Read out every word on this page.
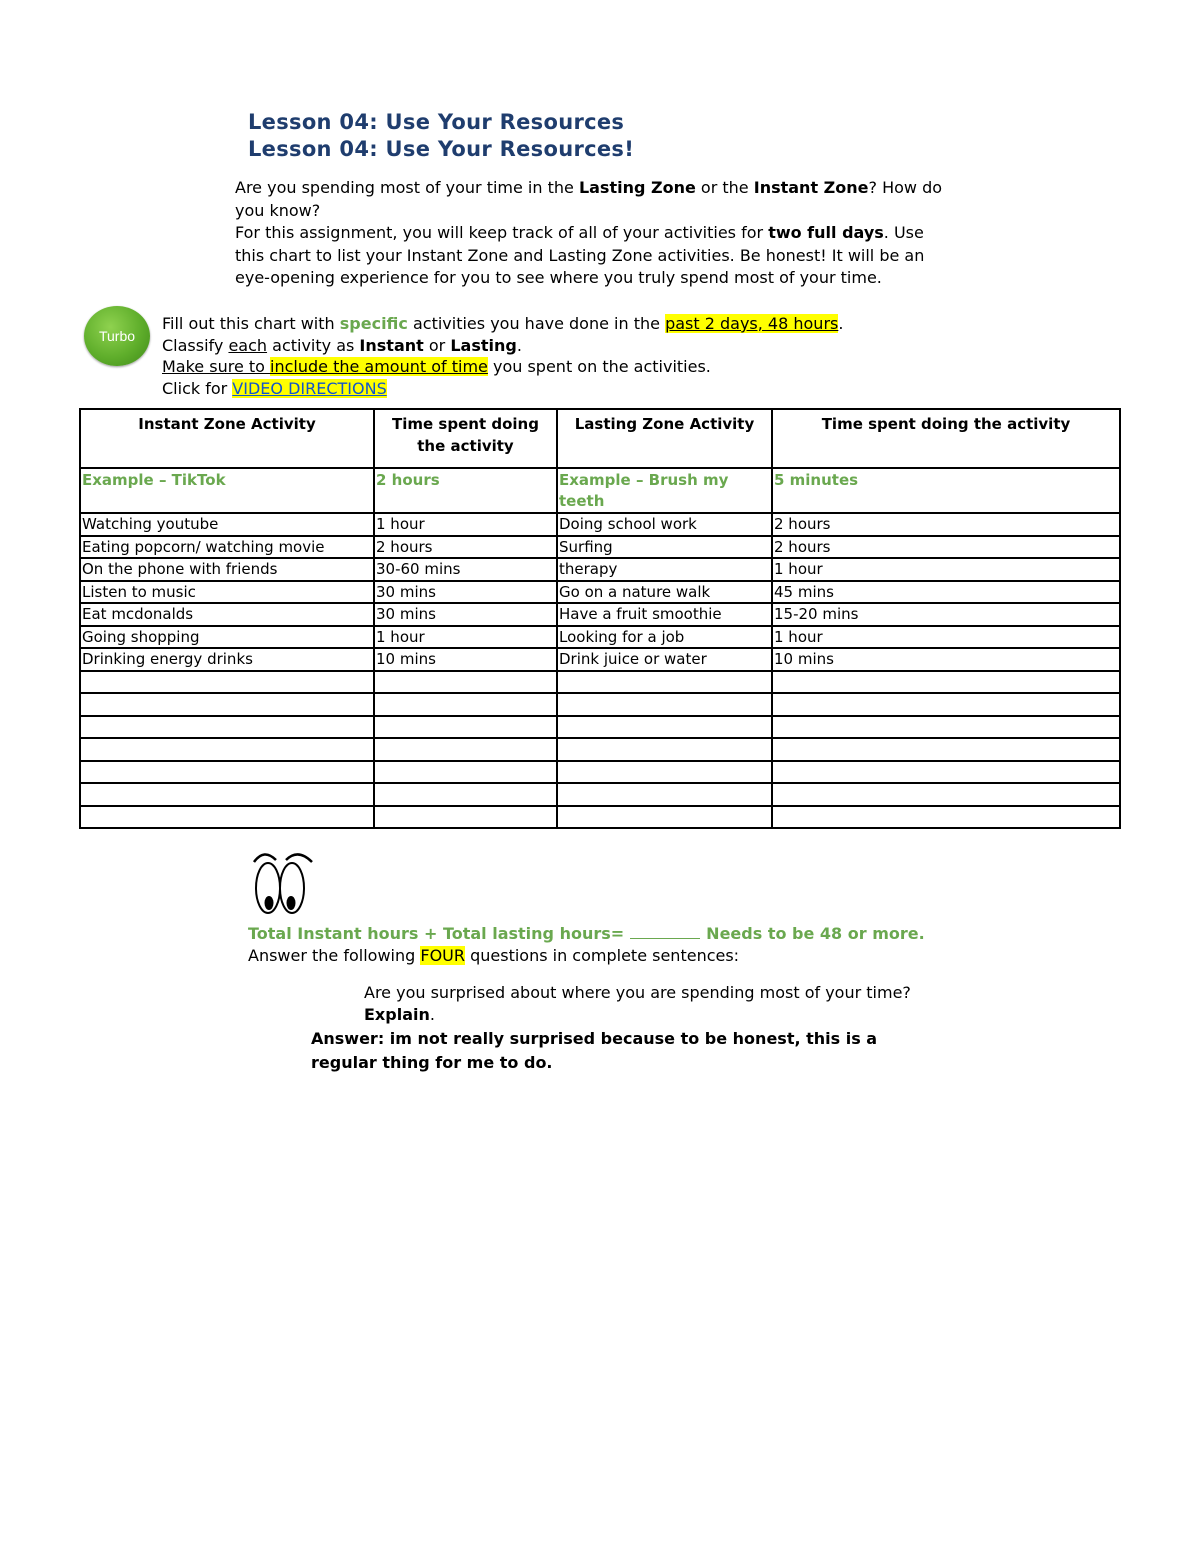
Lesson 04: Use Your Resources
Lesson 04: Use Your Resources!

Are you spending most of your time in the Lasting Zone or the Instant Zone? How do you know?

For this assignment, you will keep track of all of your activities for two full days. Use this chart to list your Instant Zone and Lasting Zone activities. Be honest! It will be an eye-opening experience for you to see where you truly spend most of your time.

Turbo

Fill out this chart with specific activities you have done in the past 2 days, 48 hours.

Classify each activity as Instant or Lasting.

Make sure to include the amount of time you spent on the activities.

Click for VIDEO DIRECTIONS

Instant Zone Activity	Time spent doing the activity	Lasting Zone Activity	Time spent doing the activity
Example – TikTok	2 hours	Example – Brush my teeth	5 minutes
Watching youtube	1 hour	Doing school work	2 hours
Eating popcorn/ watching movie	2 hours	Surfing	2 hours
On the phone with friends	30-60 mins	therapy	1 hour
Listen to music	30 mins	Go on a nature walk	45 mins
Eat mcdonalds	30 mins	Have a fruit smoothie	15-20 mins
Going shopping	1 hour	Looking for a job	1 hour
Drinking energy drinks	10 mins	Drink juice or water	10 mins

Total Instant hours + Total lasting hours=	Needs to be 48 or more.
Answer the following FOUR questions in complete sentences:

Are you surprised about where you are spending most of your time?

Explain.

Answer: im not really surprised because to be honest, this is a regular thing for me to do.
